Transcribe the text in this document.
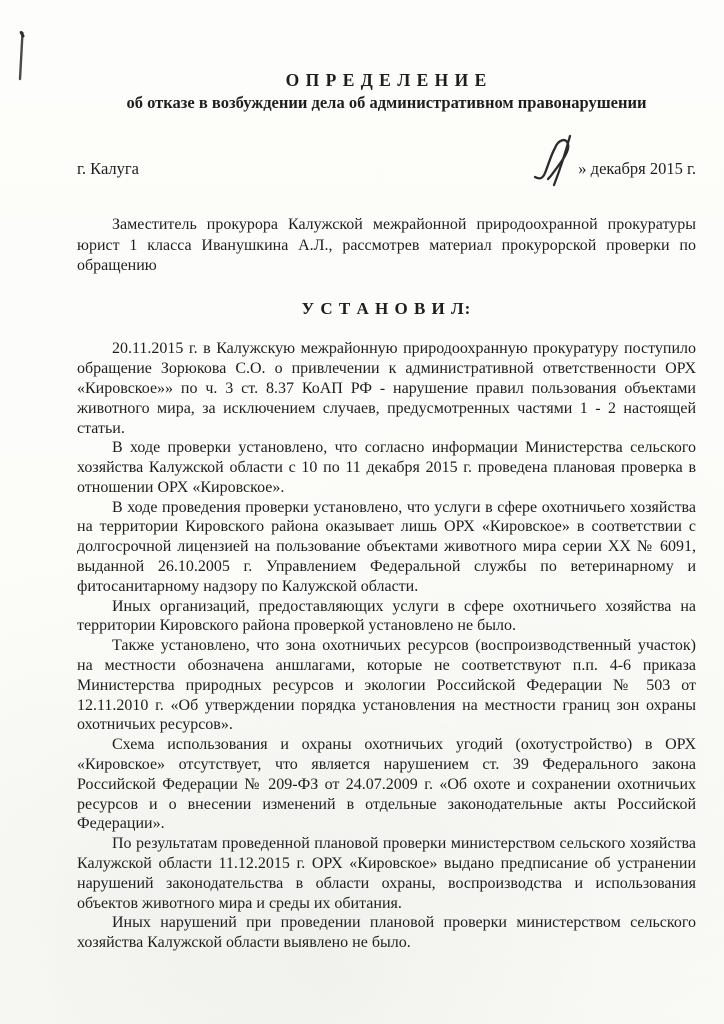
О П Р Е Д Е Л Е Н И Е
об отказе в возбуждении дела об административном правонарушении
г. Калуга	» декабря 2015 г.

Заместитель прокурора Калужской межрайонной природоохранной прокуратуры юрист 1 класса Иванушкина А.Л., рассмотрев материал прокурорской проверки по обращению

У С Т А Н О В И Л:

20.11.2015 г. в Калужскую межрайонную природоохранную прокуратуру поступило обращение Зорюкова С.О. о привлечении к административной ответственности ОРХ «Кировское»» по ч. 3 ст. 8.37 КоАП РФ - нарушение правил пользования объектами животного мира, за исключением случаев, предусмотренных частями 1 - 2 настоящей статьи.

В ходе проверки установлено, что согласно информации Министерства сельского хозяйства Калужской области с 10 по 11 декабря 2015 г. проведена плановая проверка в отношении ОРХ «Кировское».

В ходе проведения проверки установлено, что услуги в сфере охотничьего хозяйства на территории Кировского района оказывает лишь ОРХ «Кировское» в соответствии с долгосрочной лицензией на пользование объектами животного мира серии ХХ № 6091, выданной 26.10.2005 г. Управлением Федеральной службы по ветеринарному и фитосанитарному надзору по Калужской области.

Иных организаций, предоставляющих услуги в сфере охотничьего хозяйства на территории Кировского района проверкой установлено не было.

Также установлено, что зона охотничьих ресурсов (воспроизводственный участок) на местности обозначена аншлагами, которые не соответствуют п.п. 4-6 приказа Министерства природных ресурсов и экологии Российской Федерации № 503 от 12.11.2010 г. «Об утверждении порядка установления на местности границ зон охраны охотничьих ресурсов».

Схема использования и охраны охотничьих угодий (охотустройство) в ОРХ «Кировское» отсутствует, что является нарушением ст. 39 Федерального закона Российской Федерации № 209-ФЗ от 24.07.2009 г. «Об охоте и сохранении охотничьих ресурсов и о внесении изменений в отдельные законодательные акты Российской Федерации».

По результатам проведенной плановой проверки министерством сельского хозяйства Калужской области 11.12.2015 г. ОРХ «Кировское» выдано предписание об устранении нарушений законодательства в области охраны, воспроизводства и использования объектов животного мира и среды их обитания.

Иных нарушений при проведении плановой проверки министерством сельского хозяйства Калужской области выявлено не было.
